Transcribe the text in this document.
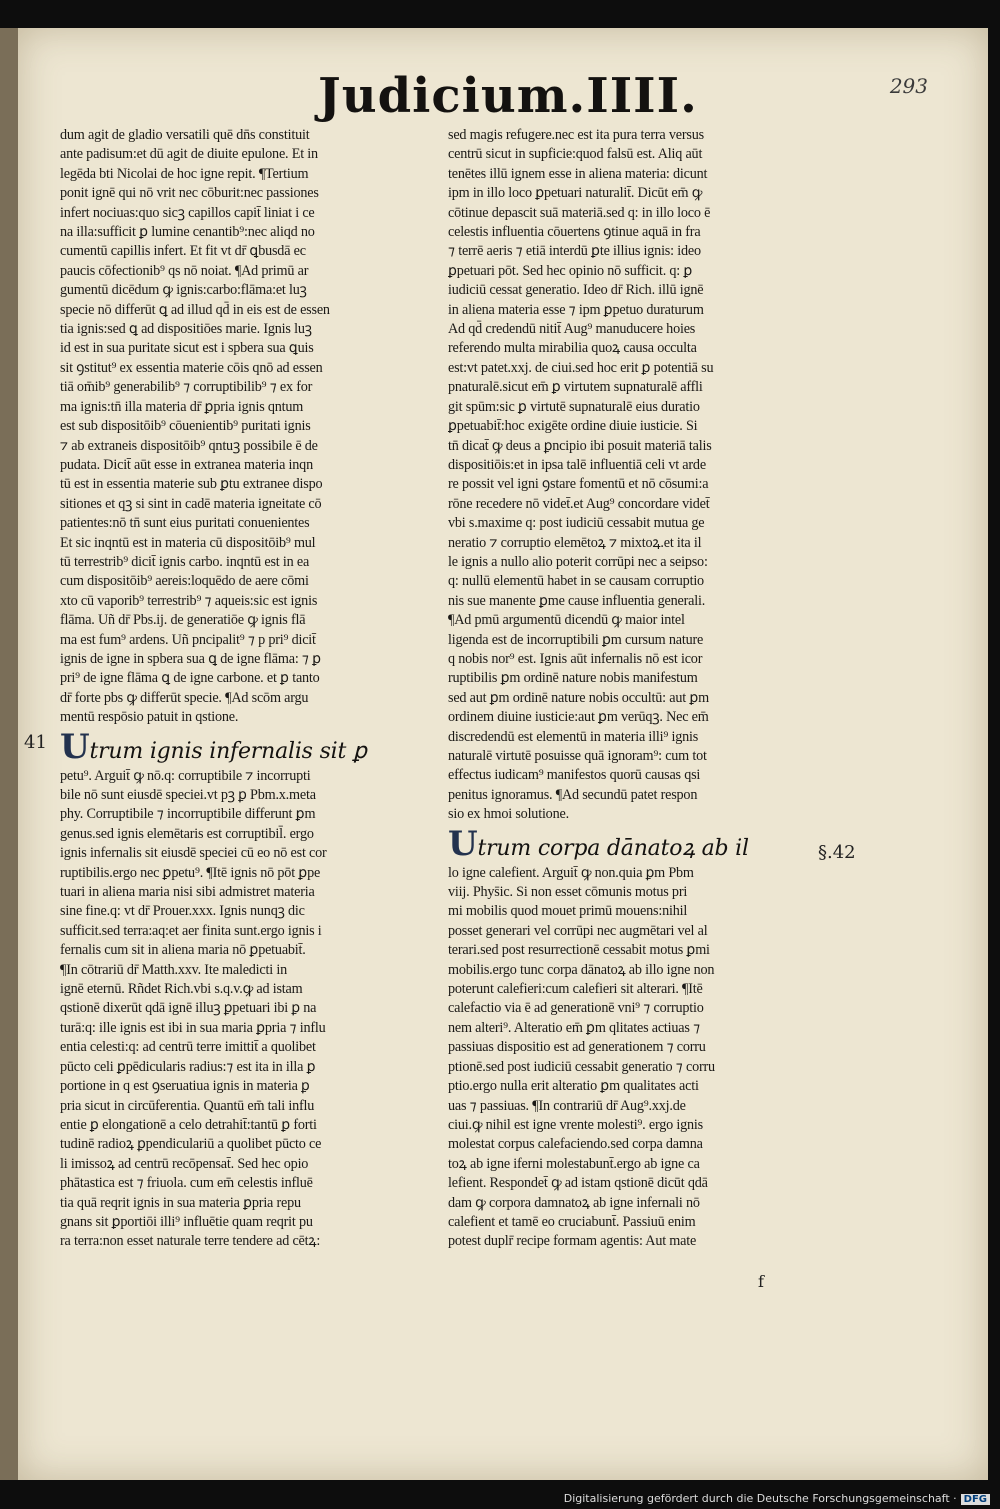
Judicium.IIII.	293

dum agit de gladio versatili quē dn̄s constituit

ante padisum:et dū agit de diuite epulone. Et in

legēda bti Nicolai de hoc igne repit. ¶Tertium

ponit ignē qui nō vrit nec cōburit:nec passiones

infert nociuas:quo sicꝫ capillos capit̄ liniat i ce

na illa:sufficit ꝑ lumine cenantib⁹:nec aliqd no

cumentū capillis infert. Et fit vt dr̄ ꝗbusdā ec

paucis cōfectionib⁹ qs nō noiat. ¶Ad primū ar

gumentū dicēdum ꝙ ignis:carbo:flāma:et luꝫ

specie nō differūt ꝗ ad illud qd̄ in eis est de essen

tia ignis:sed ꝗ ad dispositiōes marie. Ignis luꝫ

id est in sua puritate sicut est i spbera sua ꝗuis

sit ꝯstitut⁹ ex essentia materie cōis qnō ad essen

tiā om̄ib⁹ generabilib⁹ ⁊ corruptibilib⁹ ⁊ ex for

ma ignis:tn̄ illa materia dr̄ ꝑpria ignis qntum

est sub dispositōib⁹ cōuenientib⁹ puritati ignis

⁊ ab extraneis dispositōib⁹ qntuꝫ possibile ē de

pudata. Dicit̄ aūt esse in extranea materia inqn

tū est in essentia materie sub ꝑtu extranee dispo

sitiones et qꝫ si sint in cadē materia igneitate cō

patientes:nō tn̄ sunt eius puritati conuenientes

Et sic inqntū est in materia cū dispositōib⁹ mul

tū terrestrib⁹ dicit̄ ignis carbo. inqntū est in ea

cum dispositōib⁹ aereis:loquēdo de aere cōmi

xto cū vaporib⁹ terrestrib⁹ ⁊ aqueis:sic est ignis

flāma. Uñ dr̄ Pbs.ij. de generatiōe ꝙ ignis flā

ma est fum⁹ ardens. Uñ pncipalit⁹ ⁊ p pri⁹ dicit̄

ignis de igne in spbera sua ꝗ de igne flāma: ⁊ ꝑ

pri⁹ de igne flāma ꝗ de igne carbone. et ꝑ tanto

dr̄ forte pbs ꝙ differūt specie. ¶Ad scōm argu

mentū respōsio patuit in qstione.

Utrum ignis infernalis sit ꝑ

petu⁹. Arguit̄ ꝙ nō.q: corruptibile ⁊ incorrupti

bile nō sunt eiusdē speciei.vt pꝫ ꝑ Pbm.x.meta

phy. Corruptibile ⁊ incorruptibile differunt ꝑm

genus.sed ignis elemētaris est corruptibil̄. ergo

ignis infernalis sit eiusdē speciei cū eo nō est cor

ruptibilis.ergo nec ꝑpetu⁹. ¶Itē ignis nō pōt ꝑpe

tuari in aliena maria nisi sibi admistret materia

sine fine.q: vt dr̄ Prouer.xxx. Ignis nunqꝫ dic

sufficit.sed terra:aq:et aer finita sunt.ergo ignis i

fernalis cum sit in aliena maria nō ꝑpetuabit̄.

¶In cōtrariū dr̄ Matth.xxv. Ite maledicti in

ignē eternū. Rñdet Rich.vbi s.q.v.ꝙ ad istam

qstionē dixerūt qdā ignē illuꝫ ꝑpetuari ibi ꝑ na

turā:q: ille ignis est ibi in sua maria ꝑpria ⁊ influ

entia celesti:q: ad centrū terre imittit̄ a quolibet

pūcto celi ꝑpēdicularis radius:⁊ est ita in illa ꝑ

portione in q est ꝯseruatiua ignis in materia ꝑ

pria sicut in circūferentia. Quantū em̄ tali influ

entie ꝑ elongationē a celo detrahit̄:tantū ꝑ forti

tudinē radioꝝ ꝑpendiculariū a quolibet pūcto ce

li imissoꝝ ad centrū recōpensat̄. Sed hec opio

phātastica est ⁊ friuola. cum em̄ celestis influē

tia quā reqrit ignis in sua materia ꝑpria repu

gnans sit ꝑportiōi illi⁹ influētie quam reqrit pu

ra terra:non esset naturale terre tendere ad cētꝝ:

sed magis refugere.nec est ita pura terra versus

centrū sicut in supficie:quod falsū est. Aliq aūt

tenētes illū ignem esse in aliena materia: dicunt

ipm in illo loco ꝑpetuari naturalit̄. Dicūt em̄ ꝙ

cōtinue depascit suā materiā.sed q: in illo loco ē

celestis influentia cōuertens ꝯtinue aquā in fra

⁊ terrē aeris ⁊ etiā interdū ꝑte illius ignis: ideo

ꝑpetuari pōt. Sed hec opinio nō sufficit. q: ꝑ

iudiciū cessat generatio. Ideo dr̄ Rich. illū ignē

in aliena materia esse ⁊ ipm ꝑpetuo duraturum

Ad qd̄ credendū nitit̄ Aug⁹ manuducere hoies

referendo multa mirabilia quoꝝ causa occulta

est:vt patet.xxj. de ciui.sed hoc erit ꝑ potentiā su

pnaturalē.sicut em̄ ꝑ virtutem supnaturalē affli

git spūm:sic ꝑ virtutē supnaturalē eius duratio

ꝑpetuabit̄:hoc exigēte ordine diuie iusticie. Si

tn̄ dicat̄ ꝙ deus a ꝑncipio ibi posuit materiā talis

dispositiōis:et in ipsa talē influentiā celi vt arde

re possit vel igni ꝯstare fomentū et nō cōsumi:a

rōne recedere nō videt̄.et Aug⁹ concordare videt̄

vbi s.maxime q: post iudiciū cessabit mutua ge

neratio ⁊ corruptio elemētoꝝ ⁊ mixtoꝝ.et ita il

le ignis a nullo alio poterit corrūpi nec a seipso:

q: nullū elementū habet in se causam corruptio

nis sue manente ꝑme cause influentia generali.

¶Ad pmū argumentū dicendū ꝙ maior intel

ligenda est de incorruptibili ꝑm cursum nature

q nobis nor⁹ est. Ignis aūt infernalis nō est icor

ruptibilis ꝑm ordinē nature nobis manifestum

sed aut ꝑm ordinē nature nobis occultū: aut ꝑm

ordinem diuine iusticie:aut ꝑm verūqꝫ. Nec em̄

discredendū est elementū in materia illi⁹ ignis

naturalē virtutē posuisse quā ignoram⁹: cum tot

effectus iudicam⁹ manifestos quorū causas qsi

penitus ignoramus. ¶Ad secundū patet respon

sio ex hmoi solutione.

Utrum corpa dānatoꝝ ab il

lo igne calefient. Arguit̄ ꝙ non.quia ꝑm Pbm

viij. Phys̄ic. Si non esset cōmunis motus pri

mi mobilis quod mouet primū mouens:nihil

posset generari vel corrūpi nec augmētari vel al

terari.sed post resurrectionē cessabit motus ꝑmi

mobilis.ergo tunc corpa dānatoꝝ ab illo igne non

poterunt calefieri:cum calefieri sit alterari. ¶Itē

calefactio via ē ad generationē vni⁹ ⁊ corruptio

nem alteri⁹. Alteratio em̄ ꝑm qlitates actiuas ⁊

passiuas dispositio est ad generationem ⁊ corru

ptionē.sed post iudiciū cessabit generatio ⁊ corru

ptio.ergo nulla erit alteratio ꝑm qualitates acti

uas ⁊ passiuas. ¶In contrariū dr̄ Aug⁹.xxj.de

ciui.ꝙ nihil est igne vrente molesti⁹. ergo ignis

molestat corpus calefaciendo.sed corpa damna

toꝝ ab igne iferni molestabunt̄.ergo ab igne ca

lefient. Respondet̄ ꝙ ad istam qstionē dicūt qdā

dam ꝙ corpora damnatoꝝ ab igne infernali nō

calefient et tamē eo cruciabunt̄. Passiuū enim

potest duplr̄ recipe formam agentis: Aut mate

41
§.42
f
Digitalisierung gefördert durch die Deutsche Forschungsgemeinschaft · DFG
